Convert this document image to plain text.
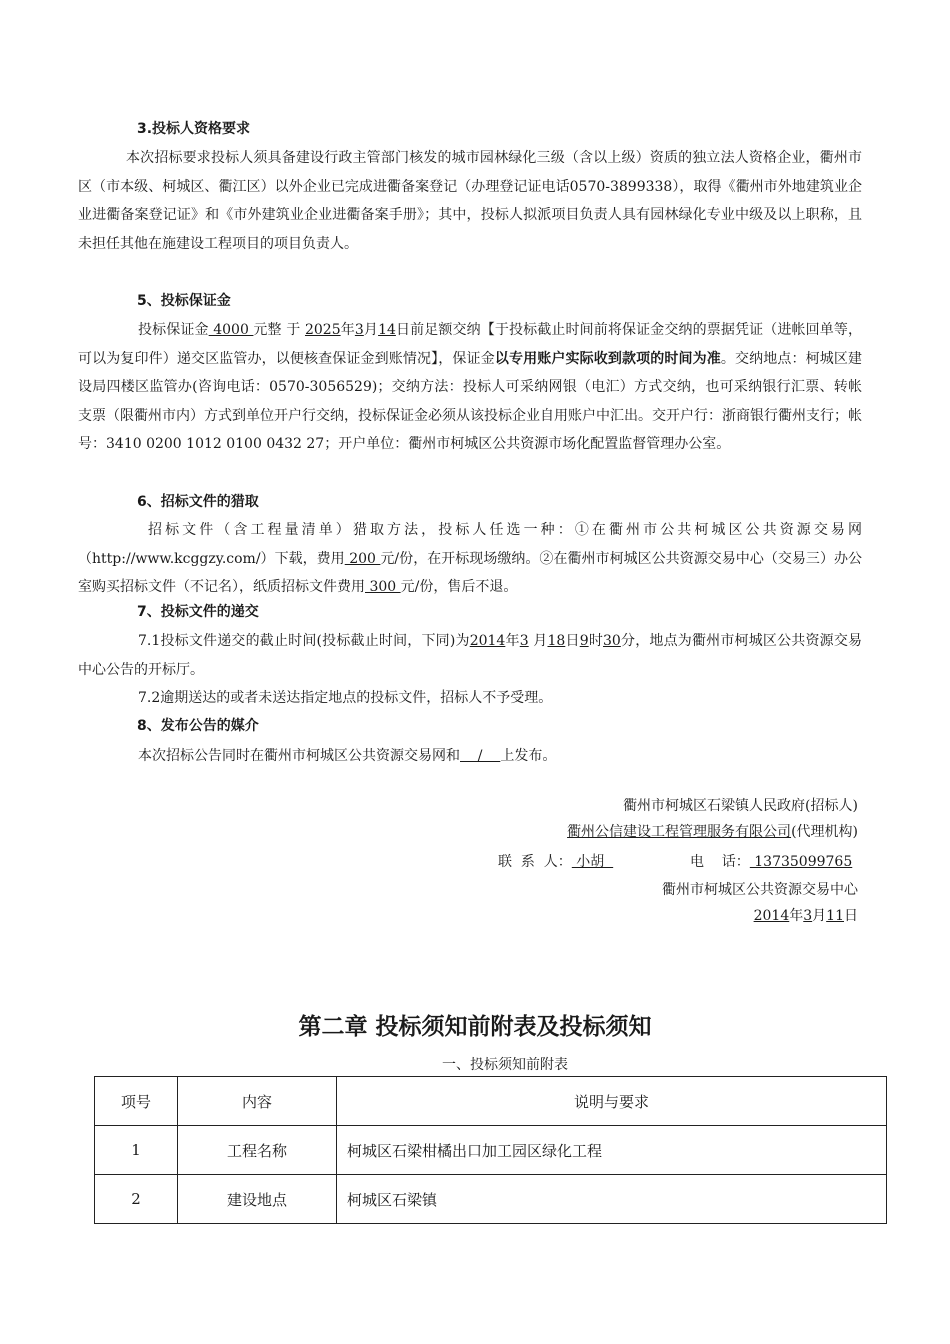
3.投标人资格要求
本次招标要求投标人须具备建设行政主管部门核发的城市园林绿化三级（含以上级）资质的独立法人资格企业，衢州市区（市本级、柯城区、衢江区）以外企业已完成进衢备案登记（办理登记证电话0570-3899338），取得《衢州市外地建筑业企业进衢备案登记证》和《市外建筑业企业进衢备案手册》；其中，投标人拟派项目负责人具有园林绿化专业中级及以上职称，且未担任其他在施建设工程项目的项目负责人。
5、投标保证金
投标保证金 4000 元整 于 2025年3月14日前足额交纳【于投标截止时间前将保证金交纳的票据凭证（进帐回单等，可以为复印件）递交区监管办，以便核查保证金到账情况】，保证金以专用账户实际收到款项的时间为准。交纳地点：柯城区建设局四楼区监管办(咨询电话：0570-3056529)；交纳方法：投标人可采纳网银（电汇）方式交纳，也可采纳银行汇票、转帐支票（限衢州市内）方式到单位开户行交纳，投标保证金必须从该投标企业自用账户中汇出。交开户行：浙商银行衢州支行；帐号：3410 0200 1012 0100 0432 27；开户单位：衢州市柯城区公共资源市场化配置监督管理办公室。
6、招标文件的猎取
招标文件（含工程量清单）猎取方法，投标人任选一种：①在衢州市公共柯城区公共资源交易网（http://www.kcggzy.com/）下载，费用 200 元/份，在开标现场缴纳。②在衢州市柯城区公共资源交易中心（交易三）办公室购买招标文件（不记名），纸质招标文件费用 300 元/份，售后不退。
7、投标文件的递交
7.1投标文件递交的截止时间(投标截止时间，下同)为2014年3 月18日9时30分，地点为衢州市柯城区公共资源交易中心公告的开标厅。
7.2逾期送达的或者未送达指定地点的投标文件，招标人不予受理。
8、发布公告的媒介
本次招标公告同时在衢州市柯城区公共资源交易网和    /    上发布。
衢州市柯城区石梁镇人民政府(招标人)
衢州公信建设工程管理服务有限公司(代理机构)
联  系  人： 小胡	电    话： 13735099765
衢州市柯城区公共资源交易中心
2014年3月11日
第二章 投标须知前附表及投标须知
一、投标须知前附表
项号	内容	说明与要求
1	工程名称	柯城区石梁柑橘出口加工园区绿化工程
2	建设地点	柯城区石梁镇
